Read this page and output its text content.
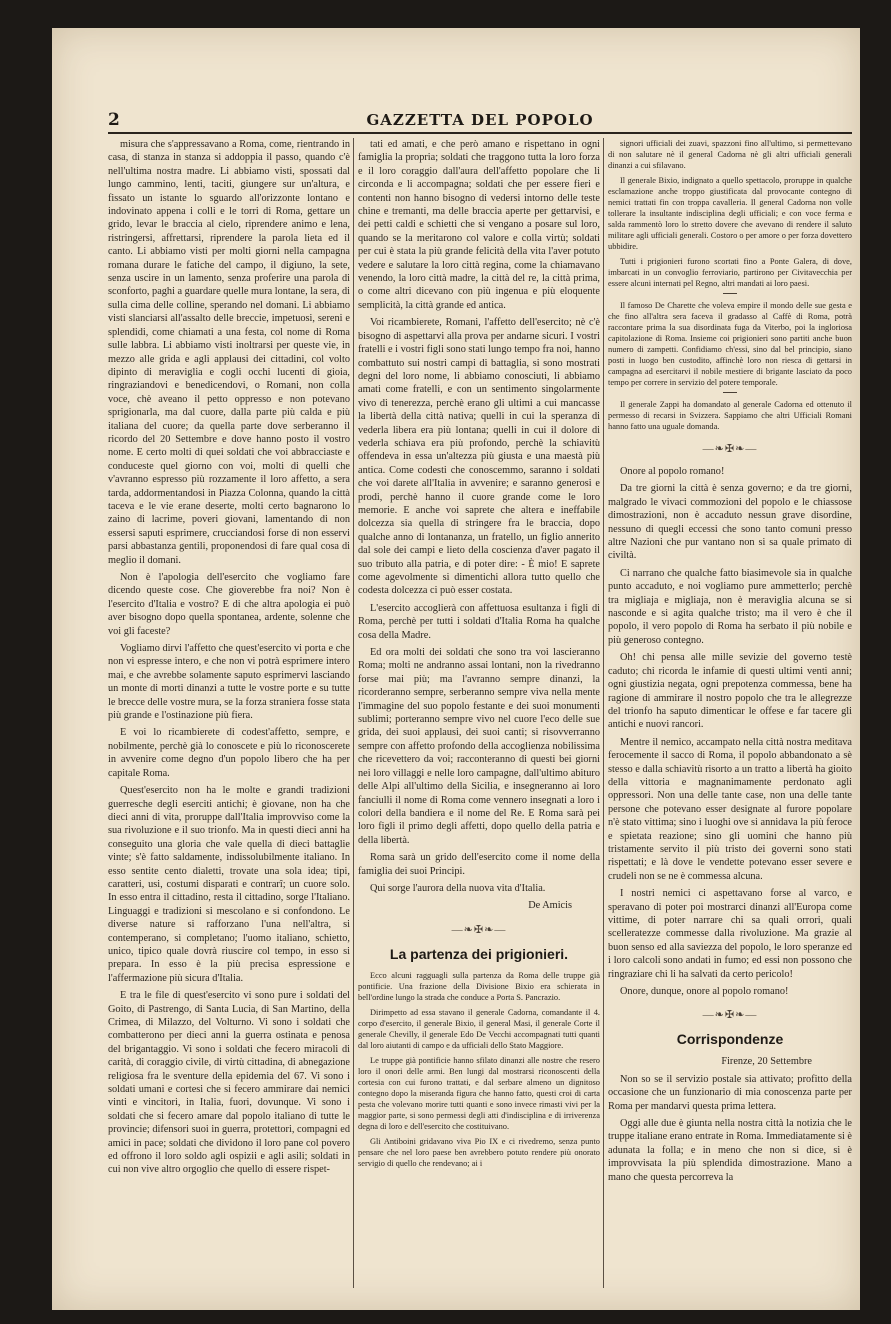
2	GAZZETTA DEL POPOLO

misura che s'appressavano a Roma, come, rientrando in casa, di stanza in stanza si addoppia il passo, quando c'è nell'ultima nostra madre. Li abbiamo visti, spossati dal lungo cammino, lenti, taciti, giungere sur un'altura, e fissato un istante lo sguardo all'orizzonte lontano e indovinato appena i colli e le torri di Roma, gettare un grido, levar le braccia al cielo, riprendere animo e lena, ristringersi, affrettarsi, riprendere la parola lieta ed il canto. Li abbiamo visti per molti giorni nella campagna romana durare le fatiche del campo, il digiuno, la sete, senza uscire in un lamento, senza proferire una parola di sconforto, paghi a guardare quelle mura lontane, la sera, di sulla cima delle colline, sperando nel domani. Li abbiamo visti slanciarsi all'assalto delle breccie, impetuosi, sereni e splendidi, come chiamati a una festa, col nome di Roma sulle labbra. Li abbiamo visti inoltrarsi per queste vie, in mezzo alle grida e agli applausi dei cittadini, col volto dipinto di meraviglia e cogli occhi lucenti di gioia, ringraziandovi e benedicendovi, o Romani, non colla voce, chè aveano il petto oppresso e non potevano sprigionarla, ma dal cuore, dalla parte più calda e più italiana del cuore; da quella parte dove serberanno il ricordo del 20 Settembre e dove hanno posto il vostro nome. E certo molti di quei soldati che voi abbracciaste e conduceste quel giorno con voi, molti di quelli che v'avranno espresso più rozzamente il loro affetto, a sera tarda, addormentandosi in Piazza Colonna, quando la città taceva e le vie erane deserte, molti certo bagnarono lo zaino di lacrime, poveri giovani, lamentando di non essersi saputi esprimere, crucciandosi forse di non esservi parsi abbastanza gentili, proponendosi di fare qual cosa di meglio il domani.

Non è l'apologia dell'esercito che vogliamo fare dicendo queste cose. Che gioverebbe fra noi? Non è l'esercito d'Italia e vostro? E di che altra apologia ei può aver bisogno dopo quella spontanea, ardente, solenne che voi gli faceste?

Vogliamo dirvi l'affetto che quest'esercito vi porta e che non vi espresse intero, e che non vi potrà esprimere intero mai, e che avrebbe solamente saputo esprimervi lasciando un monte di morti dinanzi a tutte le vostre porte e su tutte le brecce delle vostre mura, se la forza straniera fosse stata più grande e l'ostinazione più fiera.

E voi lo ricambierete di codest'affetto, sempre, e nobilmente, perchè già lo conoscete e più lo riconoscerete in avvenire come degno d'un popolo libero che ha per capitale Roma.

Quest'esercito non ha le molte e grandi tradizioni guerresche degli eserciti antichi; è giovane, non ha che dieci anni di vita, proruppe dall'Italia improvviso come la sua rivoluzione e il suo trionfo. Ma in questi dieci anni ha conseguito una gloria che vale quella di dieci battaglie vinte; s'è fatto saldamente, indissolubilmente italiano. In esso sentite cento dialetti, trovate una sola idea; tipi, caratteri, usi, costumi disparati e contrarî; un cuore solo. In esso entra il cittadino, resta il cittadino, sorge l'Italiano. Linguaggi e tradizioni si mescolano e si confondono. Le diverse nature si rafforzano l'una nell'altra, si contemperano, si completano; l'uomo italiano, schietto, unico, tipico quale dovrà riuscire col tempo, in esso si prepara. In esso è la più precisa espressione e l'affermazione più sicura d'Italia.

E tra le file di quest'esercito vi sono pure i soldati del Goito, di Pastrengo, di Santa Lucia, di San Martino, della Crimea, di Milazzo, del Volturno. Vi sono i soldati che combatterono per dieci anni la guerra ostinata e penosa del brigantaggio. Vi sono i soldati che fecero miracoli di carità, di coraggio civile, di virtù cittadina, di abnegazione religiosa fra le sventure della epidemia del 67. Vi sono i soldati umani e cortesi che si fecero ammirare dai nemici vinti e vincitori, in Italia, fuori, dovunque. Vi sono i soldati che si fecero amare dal popolo italiano di tutte le provincie; difensori suoi in guerra, protettori, compagni ed amici in pace; soldati che dividono il loro pane col povero ed offrono il loro soldo agli ospizii e agli asili; soldati in cui non vive altro orgoglio che quello di essere rispet-

tati ed amati, e che però amano e rispettano in ogni famiglia la propria; soldati che traggono tutta la loro forza e il loro coraggio dall'aura dell'affetto popolare che li circonda e li accompagna; soldati che per essere fieri e contenti non hanno bisogno di vedersi intorno delle teste chine e tremanti, ma delle braccia aperte per gettarvisi, e dei petti caldi e schietti che si vengano a posare sul loro, quando se la meritarono col valore e colla virtù; soldati per cui è stata la più grande felicità della vita l'aver potuto vedere e salutare la loro città regina, come la chiamavano venendo, la loro città madre, la città del re, la città prima, o come altri dicevano con più ingenua e più eloquente semplicità, la città grande ed antica.

Voi ricambierete, Romani, l'affetto dell'esercito; nè c'è bisogno di aspettarvi alla prova per andarne sicuri. I vostri fratelli e i vostri figli sono stati lungo tempo fra noi, hanno combattuto sui nostri campi di battaglia, si sono mostrati degni del loro nome, li abbiamo conosciuti, li abbiamo amati come fratelli, e con un sentimento singolarmente vivo di tenerezza, perchè erano gli ultimi a cui mancasse la libertà della città nativa; quelli in cui la speranza di vederla libera era più lontana; quelli in cui il dolore di vederla schiava era più profondo, perchè la schiavitù offendeva in essa un'altezza più giusta e una maestà più antica. Come codesti che conoscemmo, saranno i soldati che voi darete all'Italia in avvenire; e saranno generosi e prodi, perchè hanno il cuore grande come le loro memorie. E anche voi saprete che altera e ineffabile dolcezza sia quella di stringere fra le braccia, dopo qualche anno di lontananza, un fratello, un figlio annerito dal sole dei campi e lieto della coscienza d'aver pagato il suo tributo alla patria, e di poter dire: - È mio! E saprete come agevolmente si dimentichi allora tutto quello che codesta dolcezza ci può esser costata.

L'esercito accoglierà con affettuosa esultanza i figli di Roma, perchè per tutti i soldati d'Italia Roma ha qualche cosa della Madre.

Ed ora molti dei soldati che sono tra voi lascieranno Roma; molti ne andranno assai lontani, non la rivedranno forse mai più; ma l'avranno sempre dinanzi, la ricorderanno sempre, serberanno sempre viva nella mente l'immagine del suo popolo festante e dei suoi monumenti sublimi; porteranno sempre vivo nel cuore l'eco delle sue grida, dei suoi applausi, dei suoi canti; si risovverranno sempre con affetto profondo della accoglienza nobilissima che ricevettero da voi; racconteranno di questi bei giorni nei loro villaggi e nelle loro campagne, dall'ultimo abituro delle Alpi all'ultimo della Sicilia, e insegneranno ai loro fanciulli il nome di Roma come vennero insegnati a loro i colori della bandiera e il nome del Re. E Roma sarà pei loro figli il primo degli affetti, dopo quello della patria e della libertà.

Roma sarà un grido dell'esercito come il nome della famiglia dei suoi Principi.

Qui sorge l'aurora della nuova vita d'Italia.

De Amicis

—❧✠❧—
La partenza dei prigionieri.

Ecco alcuni ragguagli sulla partenza da Roma delle truppe già pontificie. Una frazione della Divisione Bixio era schierata in bell'ordine lungo la strada che conduce a Porta S. Pancrazio.

Dirimpetto ad essa stavano il generale Cadorna, comandante il 4. corpo d'esercito, il generale Bixio, il general Masi, il generale Corte il generale Chevilly, il generale Edo De Vecchi accompagnati tutti quanti dal loro aiutanti di campo e da ufficiali dello Stato Maggiore.

Le truppe già pontificie hanno sfilato dinanzi alle nostre che resero loro il onori delle armi. Ben lungi dal mostrarsi riconoscenti della cortesia con cui furono trattati, e dal serbare almeno un dignitoso contegno dopo la miseranda figura che hanno fatto, questi croi di carta pesta che volevano morire tutti quanti e sono invece rimasti vivi per la maggior parte, si sono permessi degli atti d'indisciplina e di irriverenza degna di loro e dell'esercito che costituivano.

Gli Antiboini gridavano viva Pio IX e ci rivedremo, senza punto pensare che nel loro paese ben avrebbero potuto rendere più onorato servigio di quello che rendevano; ai i

signori ufficiali dei zuavi, spazzoni fino all'ultimo, si permettevano di non salutare nè il general Cadorna nè gli altri ufficiali generali dinanzi a cui sfilavano.

Il generale Bixio, indignato a quello spettacolo, proruppe in qualche esclamazione anche troppo giustificata dal provocante contegno di nemici trattati fin con troppa cavalleria. Il general Cadorna non volle tollerare la insultante indisciplina degli ufficiali; e con voce ferma e salda rammentò loro lo stretto dovere che avevano di rendere il saluto militare agli ufficiali generali. Costoro o per amore o per forza dovettero ubbidire.

Tutti i prigionieri furono scortati fino a Ponte Galera, di dove, imbarcati in un convoglio ferroviario, partirono per Civitavecchia per essere alcuni internati pel Regno, altri mandati ai loro paesi.

Il famoso De Charette che voleva empire il mondo delle sue gesta e che fino all'altra sera faceva il gradasso al Caffè di Roma, potrà raccontare prima la sua disordinata fuga da Viterbo, poi la ingloriosa capitolazione di Roma. Insieme coi prigionieri sono partiti anche buon numero di zampetti. Confidiamo ch'essi, sino dal bel principio, siano posti in luogo ben custodito, affinchè loro non riesca di gettarsi in campagna ad esercitarvi il nobile mestiere di brigante lasciato da poco tempo per correre in servizio del potere temporale.

Il generale Zappi ha domandato al generale Cadorna ed ottenuto il permesso di recarsi in Svizzera. Sappiamo che altri Ufficiali Romani hanno fatto una uguale domanda.

—❧✠❧—

Onore al popolo romano!

Da tre giorni la città è senza governo; e da tre giorni, malgrado le vivaci commozioni del popolo e le chiassose dimostrazioni, non è accaduto nessun grave disordine, nessuno di quegli eccessi che sono tanto comuni presso altre Nazioni che pur vantano non si sa quale primato di civiltà.

Ci narrano che qualche fatto biasimevole sia in qualche punto accaduto, e noi vogliamo pure ammetterlo; perchè tra migliaja e migliaja, non è meraviglia alcuna se si nasconde e si agita qualche tristo; ma il vero è che il popolo, il vero popolo di Roma ha serbato il più nobile e più generoso contegno.

Oh! chi pensa alle mille sevizie del governo testè caduto; chi ricorda le infamie di questi ultimi venti anni; ogni giustizia negata, ogni prepotenza commessa, bene ha ragione di ammirare il nostro popolo che tra le allegrezze del trionfo ha saputo dimenticar le offese e far tacere gli antichi e nuovi rancori.

Mentre il nemico, accampato nella città nostra meditava ferocemente il sacco di Roma, il popolo abbandonato a sè stesso e dalla schiavitù risorto a un tratto a libertà ha gioito della vittoria e magnanimamente perdonato agli oppressori. Non una delle tante case, non una delle tante persone che potevano esser designate al furore popolare n'è stato vittima; sino i luoghi ove si annidava la più feroce e spietata reazione; sino gli uomini che hanno più tristamente servito il più tristo dei governi sono stati rispettati; e là dove le vendette potevano esser severe e crudeli non se ne è commessa alcuna.

I nostri nemici ci aspettavano forse al varco, e speravano di poter poi mostrarci dinanzi all'Europa come vittime, di poter narrare chi sa quali orrori, quali scelleratezze commesse dalla rivoluzione. Ma grazie al buon senso ed alla saviezza del popolo, le loro speranze ed i loro calcoli sono andati in fumo; ed essi non possono che ringraziare chi li ha salvati da certo pericolo!

Onore, dunque, onore al popolo romano!

—❧✠❧—
Corrispondenze

Firenze, 20 Settembre

Non so se il servizio postale sia attivato; profitto della occasione che un funzionario di mia conoscenza parte per Roma per mandarvi questa prima lettera.

Oggi alle due è giunta nella nostra città la notizia che le truppe italiane erano entrate in Roma. Immediatamente si è adunata la folla; e in meno che non si dice, si è improvvisata la più splendida dimostrazione. Mano a mano che questa percorreva la
